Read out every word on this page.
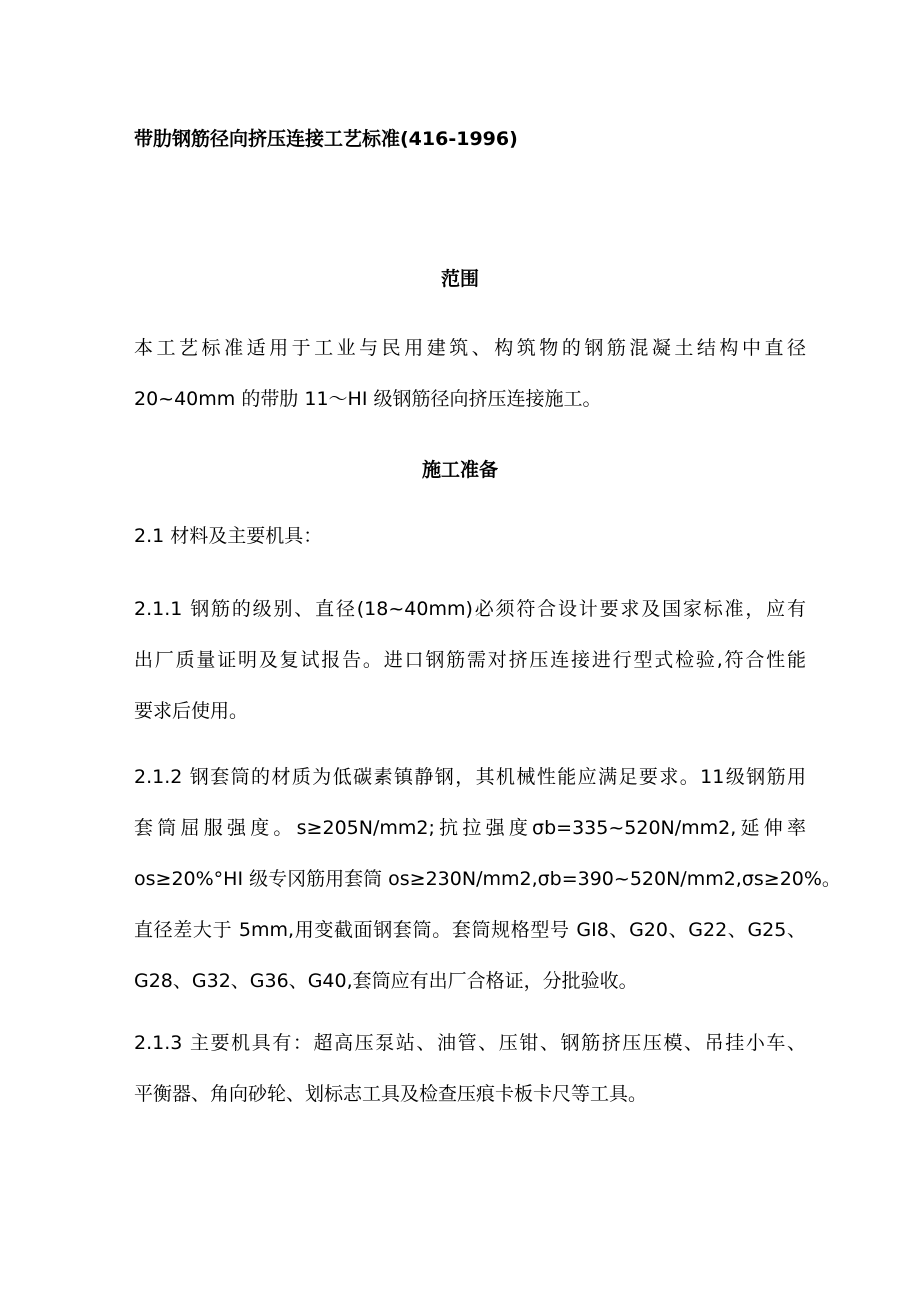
带肋钢筋径向挤压连接工艺标准(416-1996)
范围
本工艺标准适用于工业与民用建筑、构筑物的钢筋混凝土结构中直径
20~40mm 的带肋 11～HI 级钢筋径向挤压连接施工。
施工准备
2.1 材料及主要机具：
2.1.1 钢筋的级别、直径(18~40mm)必须符合设计要求及国家标准，应有
出厂质量证明及复试报告。进口钢筋需对挤压连接进行型式检验,符合性能
要求后使用。
2.1.2 钢套筒的材质为低碳素镇静钢，其机械性能应满足要求。11级钢筋用
套筒屈服强度。s≥205N∕mm2;抗拉强度σb=335~520N∕mm2,延伸率
os≥20%°HI 级专冈筋用套筒 os≥230N∕mm2,σb=390~520N∕mm2,σs≥20%。
直径差大于 5mm,用变截面钢套筒。套筒规格型号 GI8、G20、G22、G25、
G28、G32、G36、G40,套筒应有出厂合格证，分批验收。
2.1.3 主要机具有：超高压泵站、油管、压钳、钢筋挤压压模、吊挂小车、
平衡器、角向砂轮、划标志工具及检查压痕卡板卡尺等工具。
